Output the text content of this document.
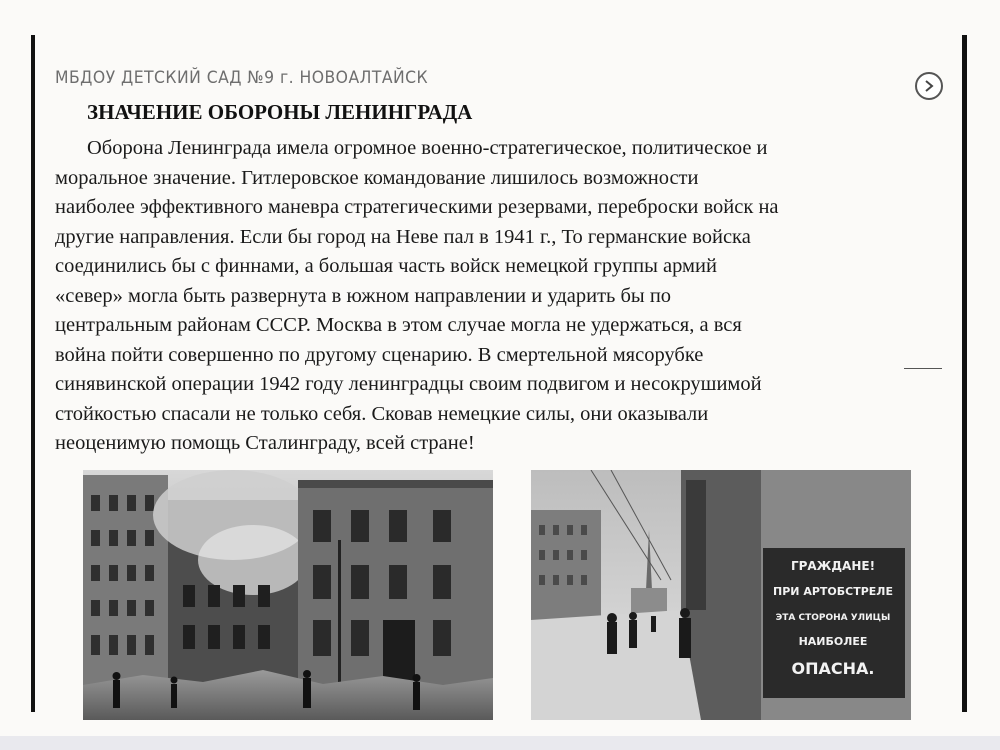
МБДОУ ДЕТСКИЙ САД №9 г. НОВОАЛТАЙСК
ЗНАЧЕНИЕ ОБОРОНЫ ЛЕНИНГРАДА
Оборона Ленинграда имела огромное военно-стратегическое, политическое и
моральное значение. Гитлеровское командование лишилось возможности
наиболее эффективного маневра стратегическими резервами, переброски войск на
другие направления. Если бы город на Неве пал в 1941 г., То германские войска
соединились бы с финнами, а большая часть войск немецкой группы армий
«север» могла быть развернута в южном направлении и ударить бы по
центральным районам СССР. Москва в этом случае могла не удержаться, а вся
война пойти совершенно по другому сценарию. В смертельной мясорубке
синявинской операции 1942 году ленинградцы своим подвигом и несокрушимой
стойкостью спасали не только себя. Сковав немецкие силы, они оказывали
неоценимую помощь Сталинграду, всей стране!
ГРАЖДАНЕ!
ПРИ АРТОБСТРЕЛЕ
ЭТА СТОРОНА УЛИЦЫ
НАИБОЛЕЕ
ОПАСНА.
